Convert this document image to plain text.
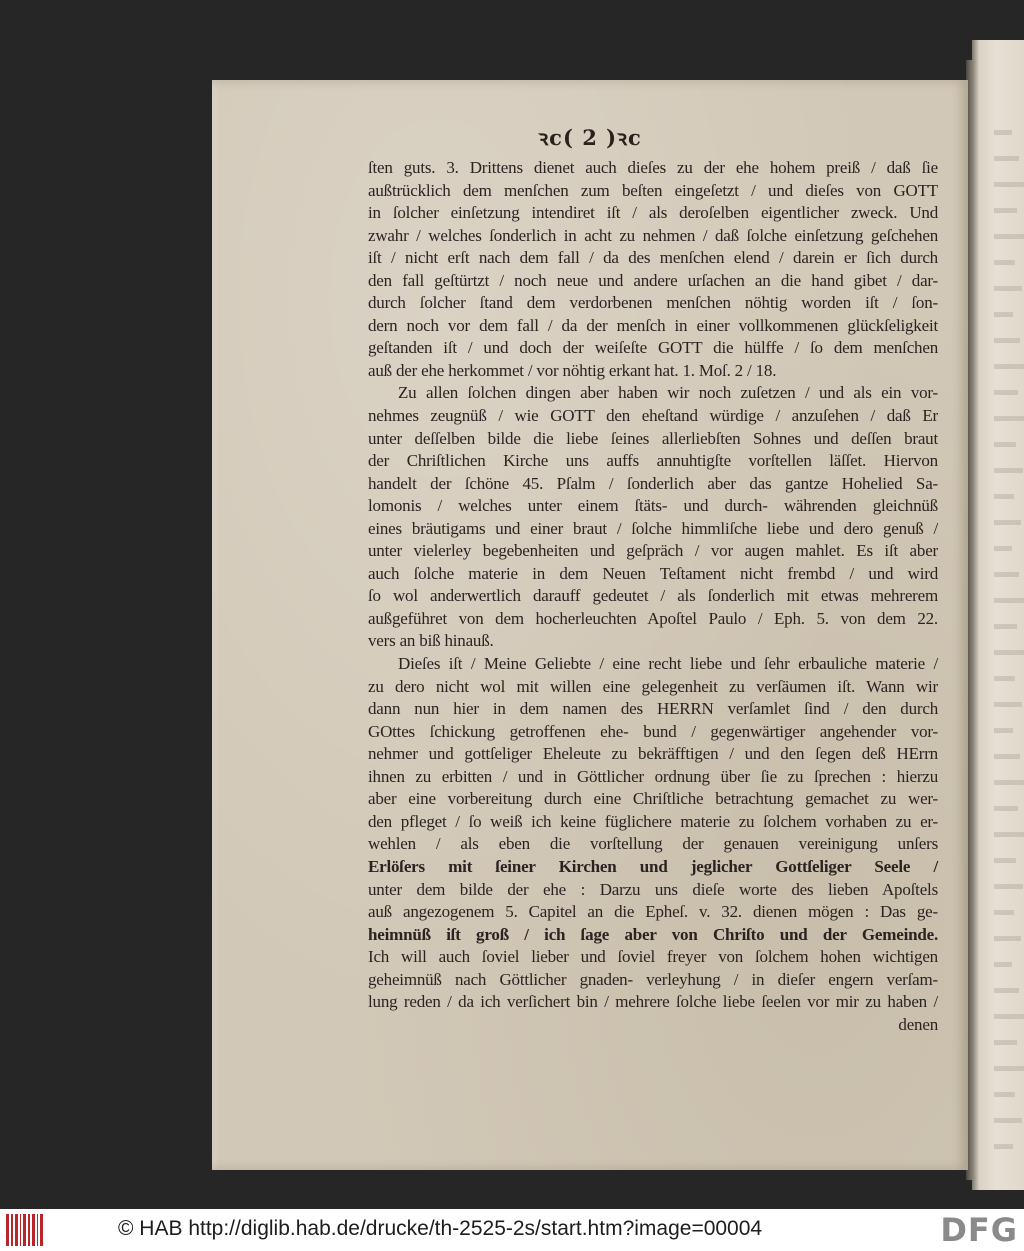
ꝛc( 2 )ꝛc
ſten guts. 3. Drittens dienet auch dieſes zu der ehe hohem preiß / daß ſie
außtrücklich dem menſchen zum beſten eingeſetzt / und dieſes von GOTT
in ſolcher einſetzung intendiret iſt / als deroſelben eigentlicher zweck. Und
zwahr / welches ſonderlich in acht zu nehmen / daß ſolche einſetzung geſchehen
iſt / nicht erſt nach dem fall / da des menſchen elend / darein er ſich durch
den fall geſtürtzt / noch neue und andere urſachen an die hand gibet / dar-
durch ſolcher ſtand dem verdorbenen menſchen nöhtig worden iſt / ſon-
dern noch vor dem fall / da der menſch in einer vollkommenen glückſeligkeit
geſtanden iſt / und doch der weiſeſte GOTT die hülffe / ſo dem menſchen
auß der ehe herkommet / vor nöhtig erkant hat. 1. Moſ. 2 / 18.
Zu allen ſolchen dingen aber haben wir noch zuſetzen / und als ein vor-
nehmes zeugnüß / wie GOTT den eheſtand würdige / anzuſehen / daß Er
unter deſſelben bilde die liebe ſeines allerliebſten Sohnes und deſſen braut
der Chriſtlichen Kirche uns auffs annuhtigſte vorſtellen läſſet. Hiervon
handelt der ſchöne 45. Pſalm / ſonderlich aber das gantze Hohelied Sa-
lomonis / welches unter einem ſtäts- und durch- währenden gleichnüß
eines bräutigams und einer braut / ſolche himmliſche liebe und dero genuß /
unter vielerley begebenheiten und geſpräch / vor augen mahlet. Es iſt aber
auch ſolche materie in dem Neuen Teſtament nicht frembd / und wird
ſo wol anderwertlich darauff gedeutet / als ſonderlich mit etwas mehrerem
außgeführet von dem hocherleuchten Apoſtel Paulo / Eph. 5. von dem 22.
vers an biß hinauß.
Dieſes iſt / Meine Geliebte / eine recht liebe und ſehr erbauliche materie /
zu dero nicht wol mit willen eine gelegenheit zu verſäumen iſt. Wann wir
dann nun hier in dem namen des HERRN verſamlet ſind / den durch
GOttes ſchickung getroffenen ehe- bund / gegenwärtiger angehender vor-
nehmer und gottſeliger Eheleute zu bekräfftigen / und den ſegen deß HErrn
ihnen zu erbitten / und in Göttlicher ordnung über ſie zu ſprechen : hierzu
aber eine vorbereitung durch eine Chriſtliche betrachtung gemachet zu wer-
den pfleget / ſo weiß ich keine füglichere materie zu ſolchem vorhaben zu er-
wehlen / als eben die vorſtellung der genauen vereinigung unſers
Erlöſers mit ſeiner Kirchen und jeglicher Gottſeliger Seele /
unter dem bilde der ehe : Darzu uns dieſe worte des lieben Apoſtels
auß angezogenem 5. Capitel an die Epheſ. v. 32. dienen mögen : Das ge-
heimnüß iſt groß / ich ſage aber von Chriſto und der Gemeinde.
Ich will auch ſoviel lieber und ſoviel freyer von ſolchem hohen wichtigen
geheimnüß nach Göttlicher gnaden- verleyhung / in dieſer engern verſam-
lung reden / da ich verſichert bin / mehrere ſolche liebe ſeelen vor mir zu haben /
denen
© HAB http://diglib.hab.de/drucke/th-2525-2s/start.htm?image=00004	DFG
